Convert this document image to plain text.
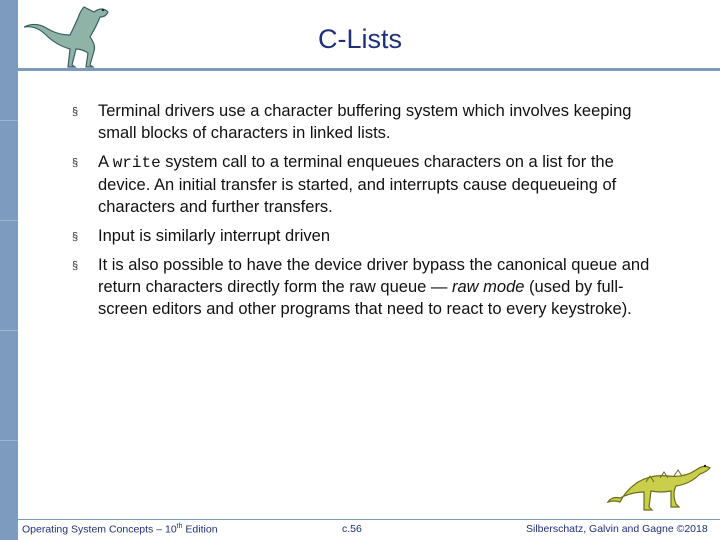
C-Lists
§ Terminal drivers use a character buffering system which involves keeping small blocks of characters in linked lists.
§ A write system call to a terminal enqueues characters on a list for the device. An initial transfer is started, and interrupts cause dequeueing of characters and further transfers.
§ Input is similarly interrupt driven
§ It is also possible to have the device driver bypass the canonical queue and return characters directly form the raw queue — raw mode (used by full-screen editors and other programs that need to react to every keystroke).
Operating System Concepts – 10th Edition	c.56	Silberschatz, Galvin and Gagne ©2018
